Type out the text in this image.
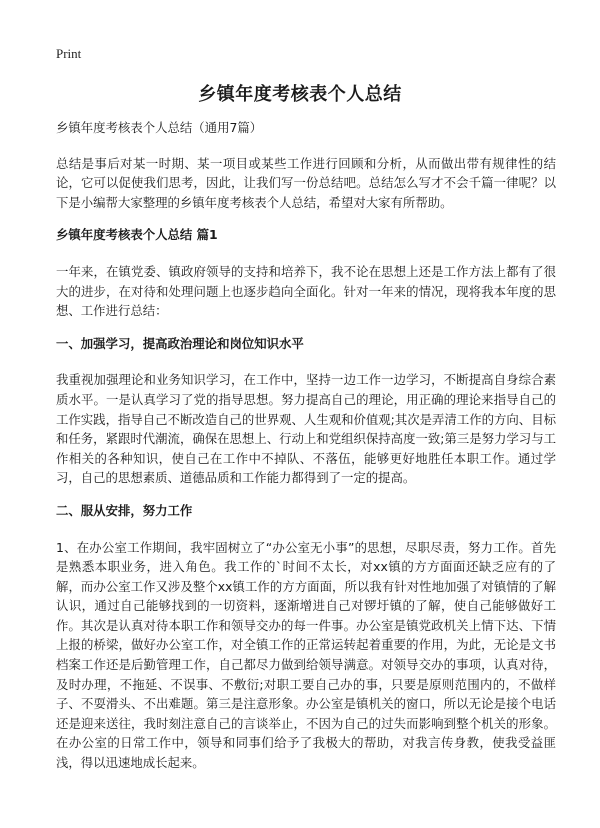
Print
乡镇年度考核表个人总结

乡镇年度考核表个人总结（通用7篇）

总结是事后对某一时期、某一项目或某些工作进行回顾和分析，从而做出带有规律性的结论，它可以促使我们思考，因此，让我们写一份总结吧。总结怎么写才不会千篇一律呢？以下是小编帮大家整理的乡镇年度考核表个人总结，希望对大家有所帮助。

乡镇年度考核表个人总结 篇1

一年来，在镇党委、镇政府领导的支持和培养下，我不论在思想上还是工作方法上都有了很大的进步，在对待和处理问题上也逐步趋向全面化。针对一年来的情况，现将我本年度的思想、工作进行总结：

一、加强学习，提高政治理论和岗位知识水平

我重视加强理论和业务知识学习，在工作中，坚持一边工作一边学习，不断提高自身综合素质水平。一是认真学习了党的指导思想。努力提高自己的理论，用正确的理论来指导自己的工作实践，指导自己不断改造自己的世界观、人生观和价值观;其次是弄清工作的方向、目标和任务，紧跟时代潮流，确保在思想上、行动上和党组织保持高度一致;第三是努力学习与工作相关的各种知识，使自己在工作中不掉队、不落伍，能够更好地胜任本职工作。通过学习，自己的思想素质、道德品质和工作能力都得到了一定的提高。

二、服从安排，努力工作

1、在办公室工作期间，我牢固树立了“办公室无小事”的思想，尽职尽责，努力工作。首先是熟悉本职业务，进入角色。我工作的`时间不太长，对xx镇的方方面面还缺乏应有的了解，而办公室工作又涉及整个xx镇工作的方方面面，所以我有针对性地加强了对镇情的了解认识，通过自己能够找到的一切资料，逐渐增进自己对锣圩镇的了解，使自己能够做好工作。其次是认真对待本职工作和领导交办的每一件事。办公室是镇党政机关上情下达、下情上报的桥梁，做好办公室工作，对全镇工作的正常运转起着重要的作用，为此，无论是文书档案工作还是后勤管理工作，自己都尽力做到给领导满意。对领导交办的事项，认真对待，及时办理，不拖延、不误事、不敷衍;对职工要自己办的事，只要是原则范围内的，不做样子、不耍滑头、不出难题。第三是注意形象。办公室是镇机关的窗口，所以无论是接个电话还是迎来送往，我时刻注意自己的言谈举止，不因为自己的过失而影响到整个机关的形象。在办公室的日常工作中，领导和同事们给予了我极大的帮助，对我言传身教，使我受益匪浅，得以迅速地成长起来。
